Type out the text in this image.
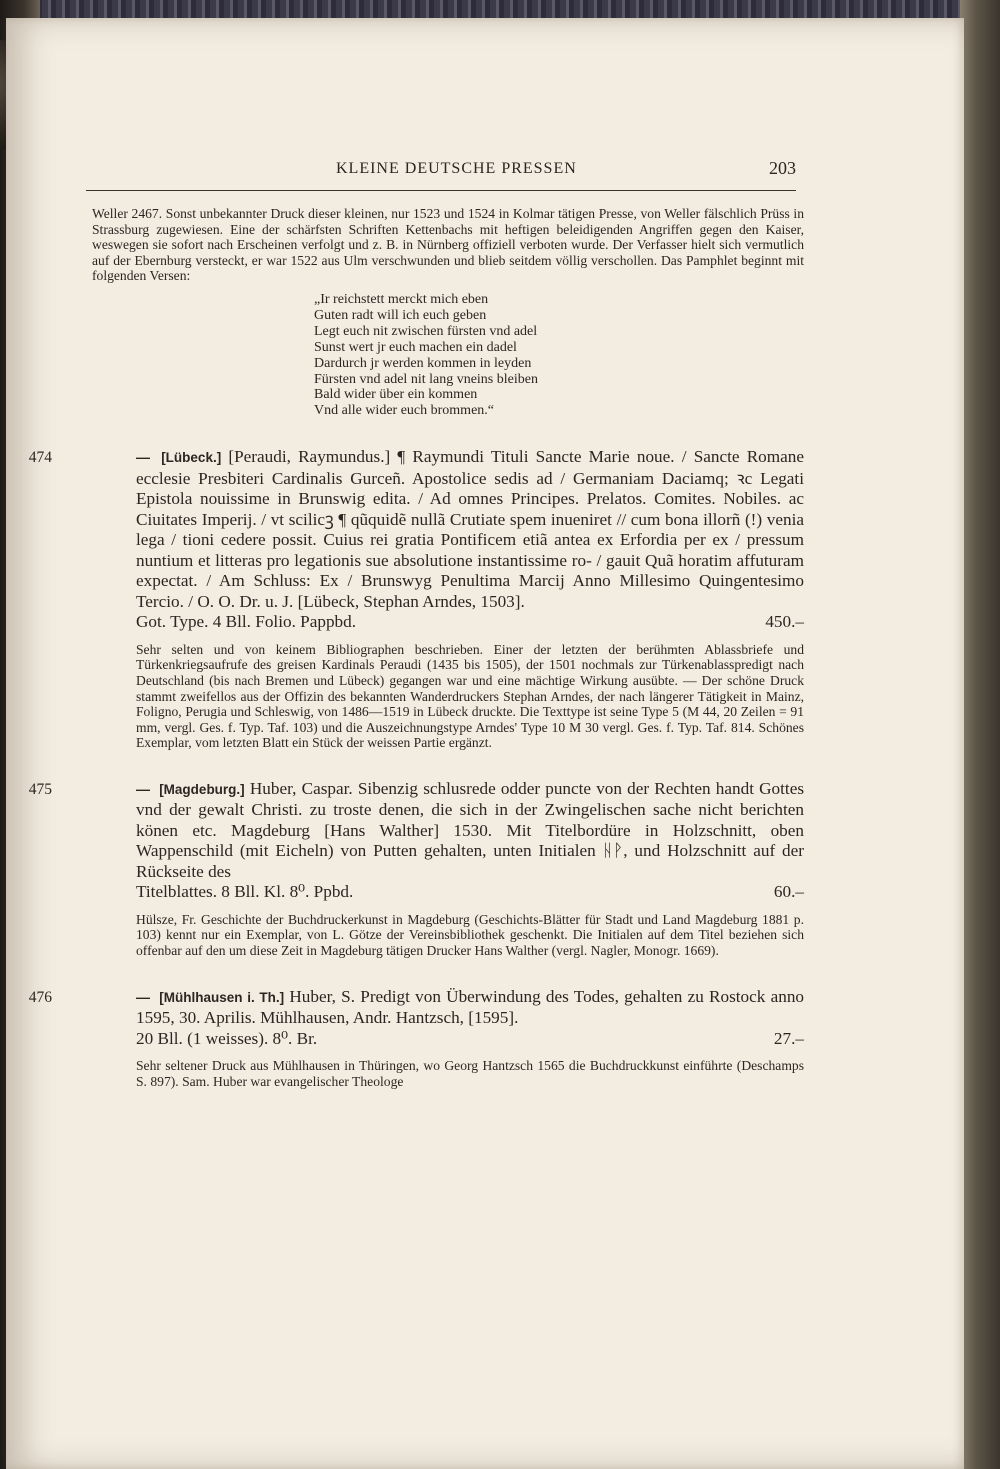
KLEINE DEUTSCHE PRESSEN	203

Weller 2467. Sonst unbekannter Druck dieser kleinen, nur 1523 und 1524 in Kolmar tätigen Presse, von Weller fälschlich Prüss in Strassburg zugewiesen. Eine der schärfsten Schriften Kettenbachs mit heftigen beleidigenden Angriffen gegen den Kaiser, weswegen sie sofort nach Erscheinen verfolgt und z. B. in Nürnberg offiziell verboten wurde. Der Verfasser hielt sich vermutlich auf der Ebernburg versteckt, er war 1522 aus Ulm verschwunden und blieb seitdem völlig verschollen. Das Pamphlet beginnt mit folgenden Versen:

„Ir reichstett merckt mich eben
Guten radt will ich euch geben
Legt euch nit zwischen fürsten vnd adel
Sunst wert jr euch machen ein dadel
Dardurch jr werden kommen in leyden
Fürsten vnd adel nit lang vneins bleiben
Bald wider über ein kommen
Vnd alle wider euch brommen.“
474	— [Lübeck.] [Peraudi, Raymundus.] ¶ Raymundi Tituli Sancte Marie noue. / Sancte Romane ecclesie Presbiteri Cardinalis Gurceñ. Apostolice sedis ad / Germaniam Daciamq; ꝛc Legati Epistola nouissime in Brunswig edita. / Ad omnes Principes. Prelatos. Comites. Nobiles. ac Ciuitates Imperij. / vt scilicꝫ ¶ qũquidẽ nullã Crutiate spem inueniret // cum bona illorñ (!) venia lega / tioni cedere possit. Cuius rei gratia Pontificem etiã antea ex Erfordia per ex / pressum nuntium et litteras pro legationis sue absolutione instantissime ro- / gauit Quã horatim affuturam expectat. / Am Schluss: Ex / Brunswyg Penultima Marcij Anno Millesimo Quingentesimo Tercio. / O. O. Dr. u. J. [Lübeck, Stephan Arndes, 1503].
Got. Type. 4 Bll. Folio. Pappbd.	450.–

Sehr selten und von keinem Bibliographen beschrieben. Einer der letzten der berühmten Ablassbriefe und Türkenkriegsaufrufe des greisen Kardinals Peraudi (1435 bis 1505), der 1501 nochmals zur Türkenablasspredigt nach Deutschland (bis nach Bremen und Lübeck) gegangen war und eine mächtige Wirkung ausübte. — Der schöne Druck stammt zweifellos aus der Offizin des bekannten Wanderdruckers Stephan Arndes, der nach längerer Tätigkeit in Mainz, Foligno, Perugia und Schleswig, von 1486—1519 in Lübeck druckte. Die Texttype ist seine Type 5 (M 44, 20 Zeilen = 91 mm, vergl. Ges. f. Typ. Taf. 103) und die Auszeichnungstype Arndes' Type 10 M 30 vergl. Ges. f. Typ. Taf. 814. Schönes Exemplar, vom letzten Blatt ein Stück der weissen Partie ergänzt.

475	— [Magdeburg.] Huber, Caspar. Sibenzig schlusrede odder puncte von der Rechten handt Gottes vnd der gewalt Christi. zu troste denen, die sich in der Zwingelischen sache nicht berichten könen etc. Magdeburg [Hans Walther] 1530. Mit Titelbordüre in Holzschnitt, oben Wappenschild (mit Eicheln) von Putten gehalten, unten Initialen ᚺᚹ, und Holzschnitt auf der Rückseite des
Titelblattes. 8 Bll. Kl. 8⁰. Ppbd.	60.–

Hülsze, Fr. Geschichte der Buchdruckerkunst in Magdeburg (Geschichts-Blätter für Stadt und Land Magdeburg 1881 p. 103) kennt nur ein Exemplar, von L. Götze der Vereinsbibliothek geschenkt. Die Initialen auf dem Titel beziehen sich offenbar auf den um diese Zeit in Magdeburg tätigen Drucker Hans Walther (vergl. Nagler, Monogr. 1669).

476	— [Mühlhausen i. Th.] Huber, S. Predigt von Überwindung des Todes, gehalten zu Rostock anno 1595, 30. Aprilis. Mühlhausen, Andr. Hantzsch, [1595].
20 Bll. (1 weisses). 8⁰. Br.	27.–

Sehr seltener Druck aus Mühlhausen in Thüringen, wo Georg Hantzsch 1565 die Buchdruckkunst einführte (Deschamps S. 897). Sam. Huber war evangelischer Theologe
